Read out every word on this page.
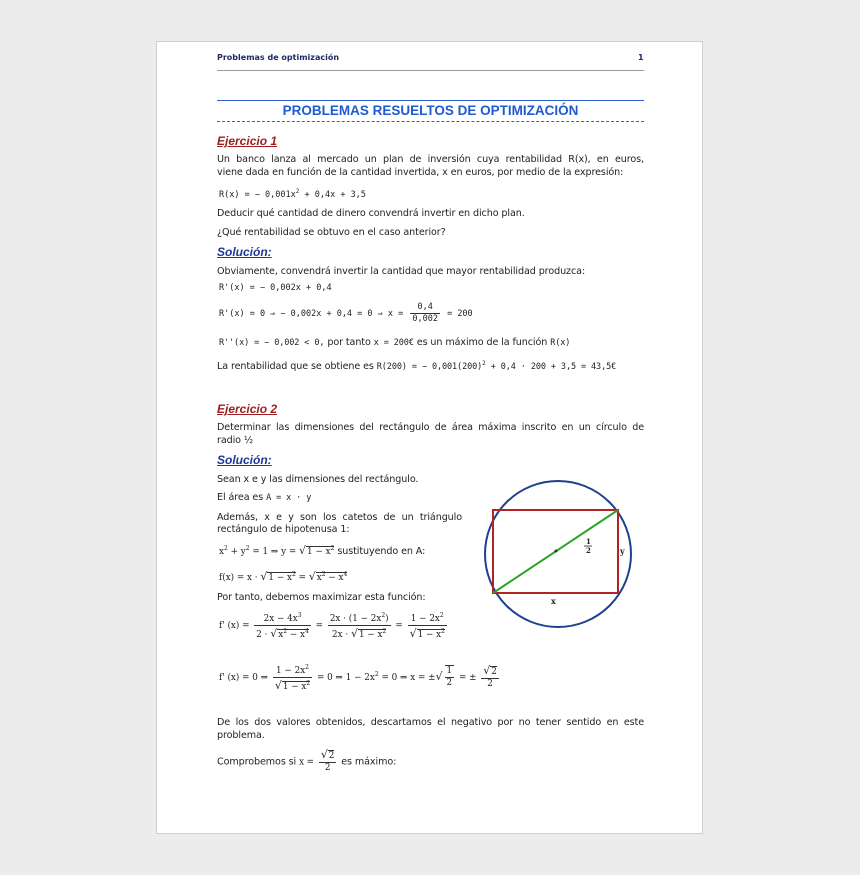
Problemas de optimización	1
PROBLEMAS RESUELTOS DE OPTIMIZACIÓN
Ejercicio 1
Un banco lanza al mercado un plan de inversión cuya rentabilidad R(x), en euros,
viene dada en función de la cantidad invertida, x en euros, por medio de la expresión:
R(x) = − $0,001x^2 + 0,4x + 3,5$
Deducir qué cantidad de dinero convendrá invertir en dicho plan.
¿Qué rentabilidad se obtuvo en el caso anterior?
Solución:
Obviamente, convendrá invertir la cantidad que mayor rentabilidad produzca:
R'(x) = − 0,002x + 0,4
R'(x) = 0 ⇒ − 0,002x + 0,4 = 0 ⇒ $x = \frac{0,4}{0,002} = 200$
R''(x) = − 0,002 < 0, por tanto x = 200€ es un máximo de la función R(x)
La rentabilidad que se obtiene es R(200) = − $0,001(200)^2 + 0,4 \cdot 200 + 3,5$ = 43,5€
Ejercicio 2
Determinar las dimensiones del rectángulo de área máxima inscrito en un círculo de
radio ½
Solución:
Sean x e y las dimensiones del rectángulo.
El área es A = x · y
Además, x e y son los catetos de un triángulo
rectángulo de hipotenusa 1:
$x^2 + y^2 = 1$ ⇒ $y = √1 - x^2$ sustituyendo en A:
$f(x) = x \cdot √1 - x^2 = √x^2 - x^4$
Por tanto, debemos maximizar esta función:
f' $(x) = \frac{2x - 4x^3}{2 \cdot √x^2 - x^4} = \frac{2x \cdot (1 - 2x^2)}{2x \cdot √1 - x^2} = \frac{1 - 2x^2}{√1 - x^2}$
f' (x) = 0 ⇒ $\frac{1 - 2x^2}{√1 - x^2} = 0$ ⇒ $1 - 2x^2 = 0$ ⇒ x = ±√ $\frac{1}{2}$ = ± $\frac{√2}{2}$
De los dos valores obtenidos, descartamos el negativo por no tener sentido en este
problema.
Comprobemos si $x = \frac{√2}{2}$ es máximo:
x
y
1
2
